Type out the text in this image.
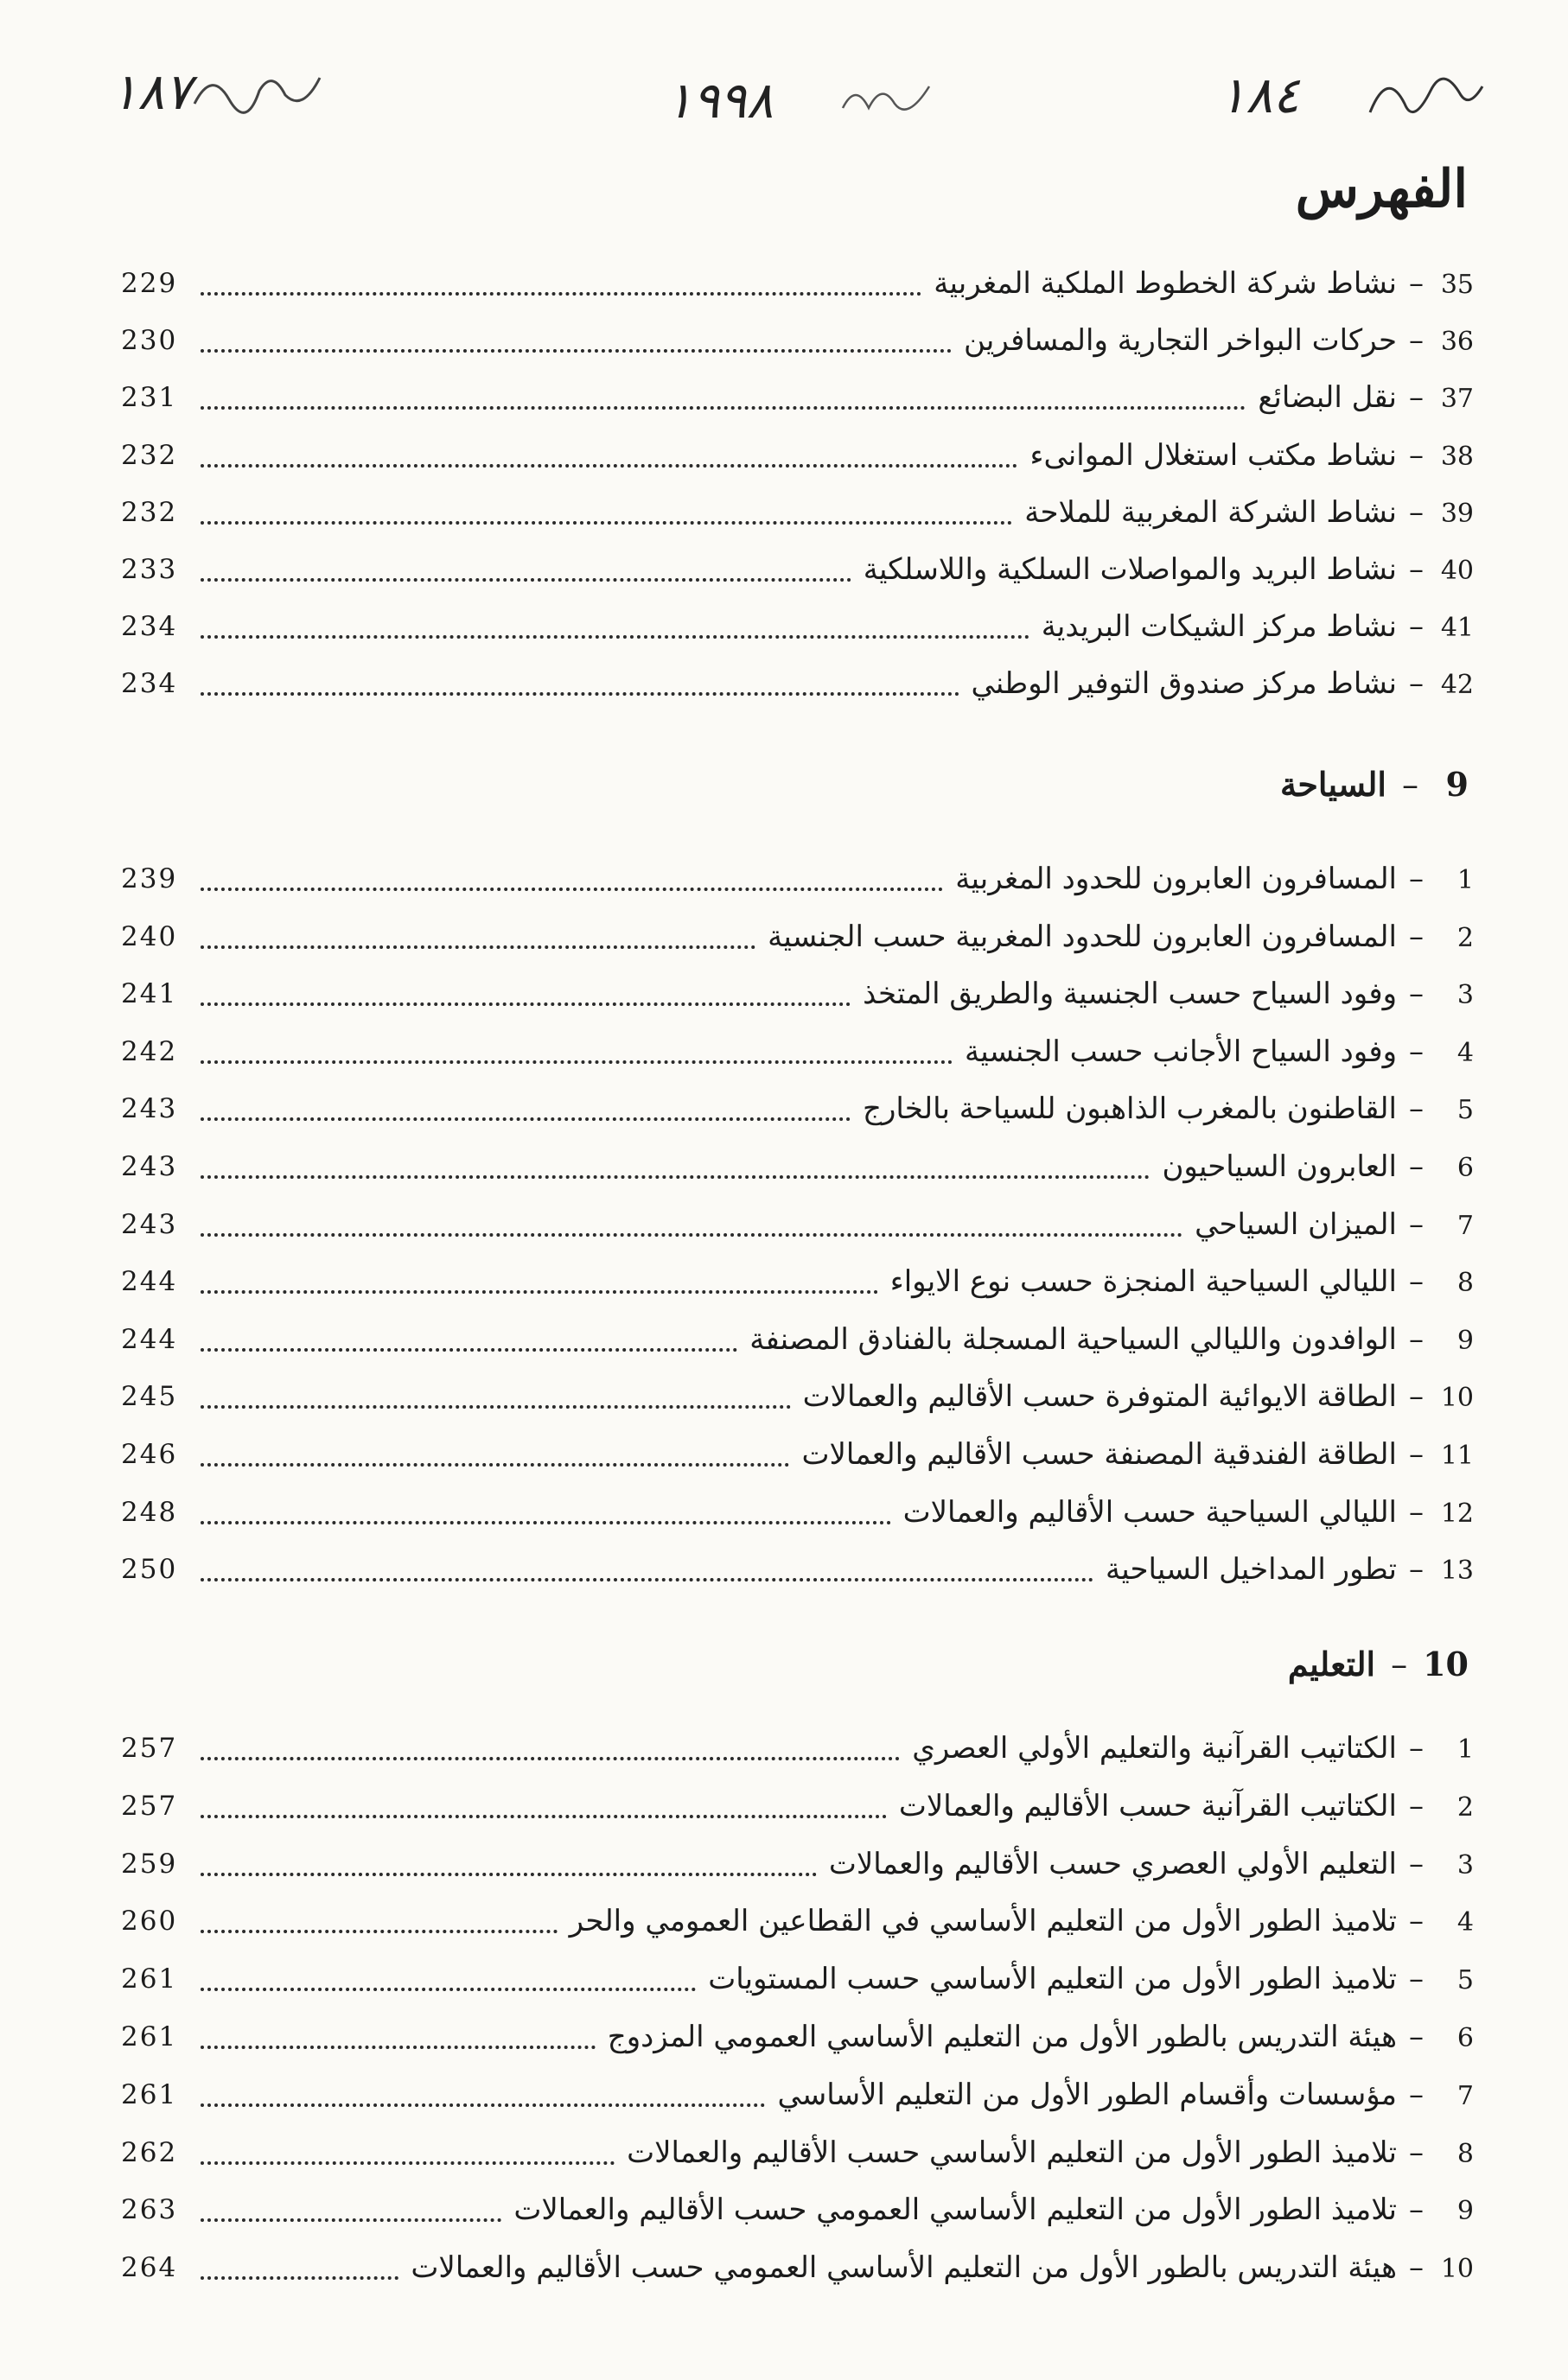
١٨٧	١٩٩٨	١٨٤
الفهرس
229	35–نشاط شركة الخطوط الملكية المغربية
230	36–حركات البواخر التجارية والمسافرين
231	37–نقل البضائع
232	38–نشاط مكتب استغلال الموانىء
232	39–نشاط الشركة المغربية للملاحة
233	40–نشاط البريد والمواصلات السلكية واللاسلكية
234	41–نشاط مركز الشيكات البريدية
234	42–نشاط مركز صندوق التوفير الوطني
9–السياحة
239	1–المسافرون العابرون للحدود المغربية
240	2–المسافرون العابرون للحدود المغربية حسب الجنسية
241	3–وفود السياح حسب الجنسية والطريق المتخذ
242	4–وفود السياح الأجانب حسب الجنسية
243	5–القاطنون بالمغرب الذاهبون للسياحة بالخارج
243	6–العابرون السياحيون
243	7–الميزان السياحي
244	8–الليالي السياحية المنجزة حسب نوع الايواء
244	9–الوافدون والليالي السياحية المسجلة بالفنادق المصنفة
245	10–الطاقة الايوائية المتوفرة حسب الأقاليم والعمالات
246	11–الطاقة الفندقية المصنفة حسب الأقاليم والعمالات
248	12–الليالي السياحية حسب الأقاليم والعمالات
250	13–تطور المداخيل السياحية
10–التعليم
257	1–الكتاتيب القرآنية والتعليم الأولي العصري
257	2–الكتاتيب القرآنية حسب الأقاليم والعمالات
259	3–التعليم الأولي العصري حسب الأقاليم والعمالات
260	4–تلاميذ الطور الأول من التعليم الأساسي في القطاعين العمومي والحر
261	5–تلاميذ الطور الأول من التعليم الأساسي حسب المستويات
261	6–هيئة التدريس بالطور الأول من التعليم الأساسي العمومي المزدوج
261	7–مؤسسات وأقسام الطور الأول من التعليم الأساسي
262	8–تلاميذ الطور الأول من التعليم الأساسي حسب الأقاليم والعمالات
263	9–تلاميذ الطور الأول من التعليم الأساسي العمومي حسب الأقاليم والعمالات
264	10–هيئة التدريس بالطور الأول من التعليم الأساسي العمومي حسب الأقاليم والعمالات
